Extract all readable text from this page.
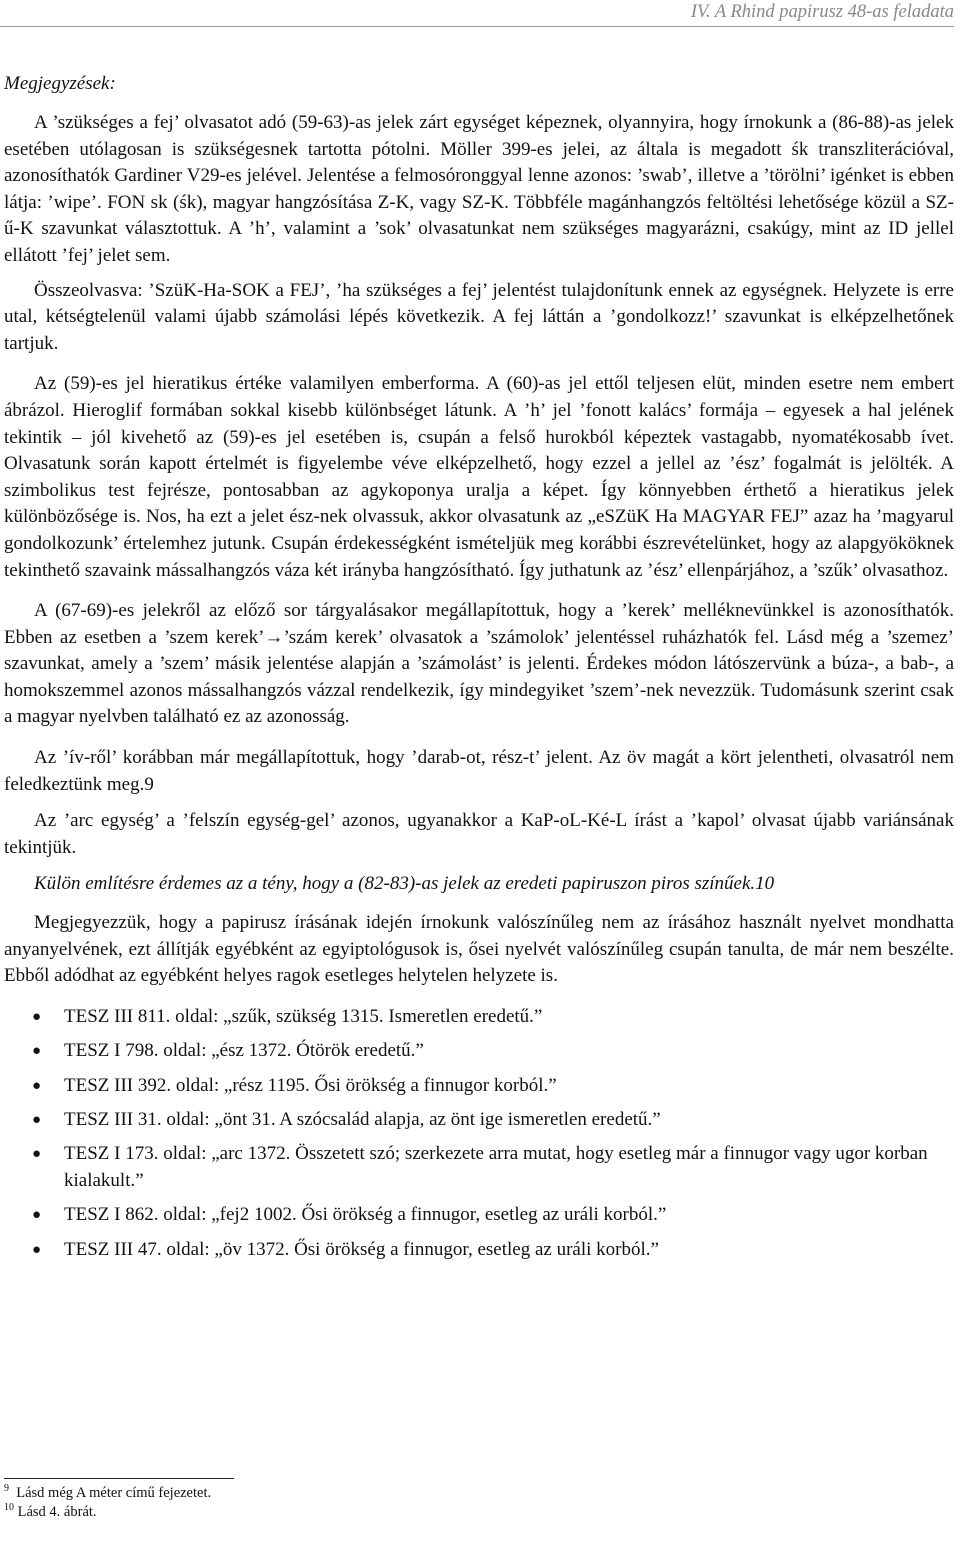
IV. A Rhind papirusz 48-as feladata
Megjegyzések:

A ’szükséges a fej’ olvasatot adó (59-63)-as jelek zárt egységet képeznek, olyannyira, hogy írnokunk a (86-88)-as jelek esetében utólagosan is szükségesnek tartotta pótolni. Möller 399-es jelei, az általa is megadott śk transzliterációval, azonosíthatók Gardiner V29-es jelével. Jelentése a felmosóronggyal lenne azonos: ’swab’, illetve a ’törölni’ igénket is ebben látja: ’wipe’. FON sk (śk), magyar hangzósítása Z-K, vagy SZ-K. Többféle magánhangzós feltöltési lehetősége közül a SZ-ű-K szavunkat választottuk. A ’h’, valamint a ’sok’ olvasatunkat nem szükséges magyarázni, csakúgy, mint az ID jellel ellátott ’fej’ jelet sem.

Összeolvasva: ’SzüK-Ha-SOK a FEJ’, ’ha szükséges a fej’ jelentést tulajdonítunk ennek az egységnek. Helyzete is erre utal, kétségtelenül valami újabb számolási lépés következik. A fej láttán a ’gondolkozz!’ szavunkat is elképzelhetőnek tartjuk.

Az (59)-es jel hieratikus értéke valamilyen emberforma. A (60)-as jel ettől teljesen elüt, minden esetre nem embert ábrázol. Hieroglif formában sokkal kisebb különbséget látunk. A ’h’ jel ’fonott kalács’ formája – egyesek a hal jelének tekintik – jól kivehető az (59)-es jel esetében is, csupán a felső hurokból képeztek vastagabb, nyomatékosabb ívet. Olvasatunk során kapott értelmét is figyelembe véve elképzelhető, hogy ezzel a jellel az ’ész’ fogalmát is jelölték. A szimbolikus test fejrésze, pontosabban az agykoponya uralja a képet. Így könnyebben érthető a hieratikus jelek különbözősége is. Nos, ha ezt a jelet ész-nek olvassuk, akkor olvasatunk az „eSZüK Ha MAGYAR FEJ” azaz ha ’magyarul gondolkozunk’ értelemhez jutunk. Csupán érdekességként ismételjük meg korábbi észrevételünket, hogy az alapgyököknek tekinthető szavaink mássalhangzós váza két irányba hangzósítható. Így juthatunk az ’ész’ ellenpárjához, a ’szűk’ olvasathoz.

A (67-69)-es jelekről az előző sor tárgyalásakor megállapítottuk, hogy a ’kerek’ melléknevünkkel is azonosíthatók. Ebben az esetben a ’szem kerek’→’szám kerek’ olvasatok a ’számolok’ jelentéssel ruházhatók fel. Lásd még a ’szemez’ szavunkat, amely a ’szem’ másik jelentése alapján a ’számolást’ is jelenti. Érdekes módon látószervünk a búza-, a bab-, a homokszemmel azonos mássalhangzós vázzal rendelkezik, így mindegyiket ’szem’-nek nevezzük. Tudomásunk szerint csak a magyar nyelvben található ez az azonosság.

Az ’ív-ről’ korábban már megállapítottuk, hogy ’darab-ot, rész-t’ jelent. Az öv magát a kört jelentheti, olvasatról nem feledkeztünk meg.9

Az ’arc egység’ a ’felszín egység-gel’ azonos, ugyanakkor a KaP-oL-Ké-L írást a ’kapol’ olvasat újabb variánsának tekintjük.

Külön említésre érdemes az a tény, hogy a (82-83)-as jelek az eredeti papiruszon piros színűek.10

Megjegyezzük, hogy a papirusz írásának idején írnokunk valószínűleg nem az írásához használt nyelvet mondhatta anyanyelvének, ezt állítják egyébként az egyiptológusok is, ősei nyelvét valószínűleg csupán tanulta, de már nem beszélte. Ebből adódhat az egyébként helyes ragok esetleges helytelen helyzete is.

● TESZ III 811. oldal: „szűk, szükség 1315. Ismeretlen eredetű.”
● TESZ I 798. oldal: „ész 1372. Ótörök eredetű.”
● TESZ III 392. oldal: „rész 1195. Ősi örökség a finnugor korból.”
● TESZ III 31. oldal: „önt 31. A szócsalád alapja, az önt ige ismeretlen eredetű.”
● TESZ I 173. oldal: „arc 1372. Összetett szó; szerkezete arra mutat, hogy esetleg már a finnugor vagy ugor korban kialakult.”
● TESZ I 862. oldal: „fej2 1002. Ősi örökség a finnugor, esetleg az uráli korból.”
● TESZ III 47. oldal: „öv 1372. Ősi örökség a finnugor, esetleg az uráli korból.”
$^9$ Lásd még A méter című fejezetet.
$^{10}$ Lásd 4. ábrát.
